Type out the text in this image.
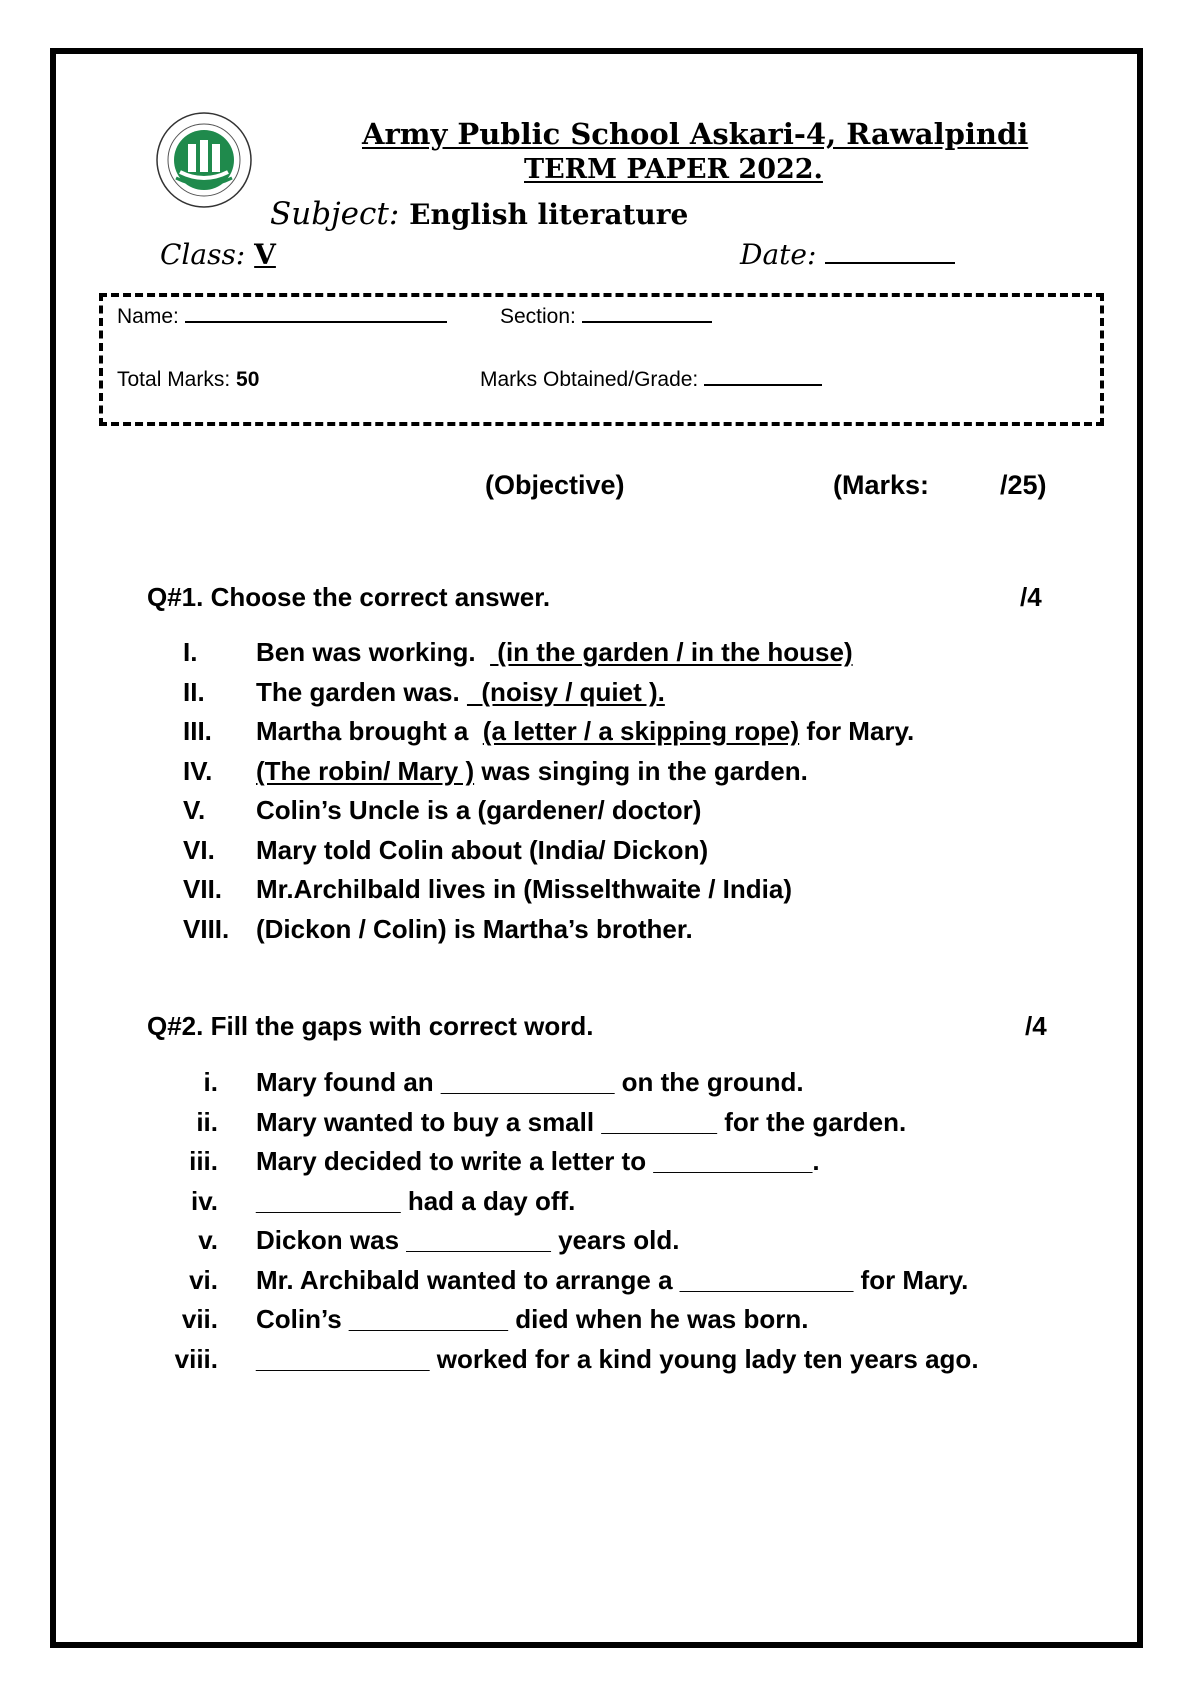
Army Public School Askari-4, Rawalpindi
TERM PAPER 2022.
Subject: English literature
Class: V	Date:
Name:	Section:
Total Marks: 50	Marks Obtained/Grade:
(Objective)	(Marks:	/25)
Q#1. Choose the correct answer.	/4
I. Ben was working.   (in the garden / in the house)
II. The garden was.   (noisy / quiet ).
III. Martha brought a  (a letter / a skipping rope) for Mary.
IV. (The robin/ Mary ) was singing in the garden.
V. Colin’s Uncle is a (gardener/ doctor)
VI. Mary told Colin about (India/ Dickon)
VII. Mr.Archilbald lives in (Misselthwaite / India)
VIII. (Dickon / Colin) is Martha’s brother.
Q#2. Fill the gaps with correct word.	/4
i. Mary found an ____________ on the ground.
ii. Mary wanted to buy a small ________ for the garden.
iii. Mary decided to write a letter to ___________.
iv. __________ had a day off.
v. Dickon was __________ years old.
vi. Mr. Archibald wanted to arrange a ____________ for Mary.
vii. Colin’s ___________ died when he was born.
viii. ____________ worked for a kind young lady ten years ago.
